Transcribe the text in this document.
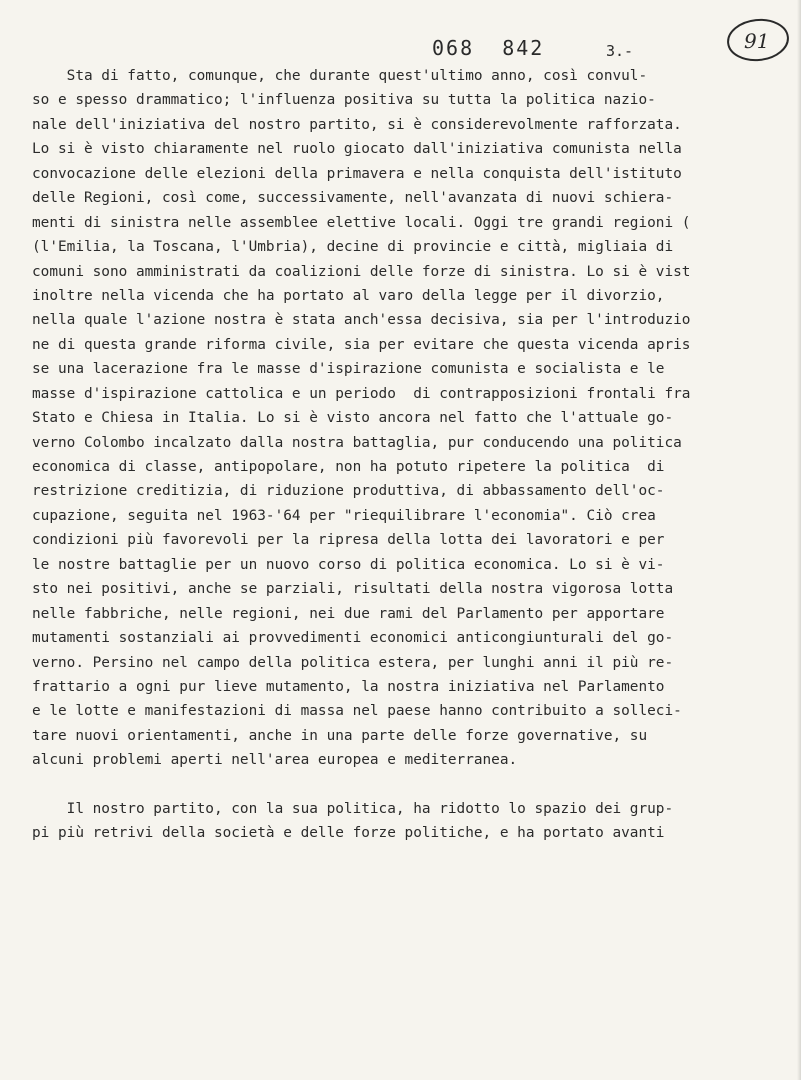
068  842	3.-	91
Sta di fatto, comunque, che durante quest'ultimo anno, così convul-
so e spesso drammatico; l'influenza positiva su tutta la politica nazio-
nale dell'iniziativa del nostro partito, si è considerevolmente rafforzata.
Lo si è visto chiaramente nel ruolo giocato dall'iniziativa comunista nella
convocazione delle elezioni della primavera e nella conquista dell'istituto
delle Regioni, così come, successivamente, nell'avanzata di nuovi schiera-
menti di sinistra nelle assemblee elettive locali. Oggi tre grandi regioni (
(l'Emilia, la Toscana, l'Umbria), decine di provincie e città, migliaia di
comuni sono amministrati da coalizioni delle forze di sinistra. Lo si è vist
inoltre nella vicenda che ha portato al varo della legge per il divorzio,
nella quale l'azione nostra è stata anch'essa decisiva, sia per l'introduzio
ne di questa grande riforma civile, sia per evitare che questa vicenda apris
se una lacerazione fra le masse d'ispirazione comunista e socialista e le
masse d'ispirazione cattolica e un periodo  di contrapposizioni frontali fra
Stato e Chiesa in Italia. Lo si è visto ancora nel fatto che l'attuale go-
verno Colombo incalzato dalla nostra battaglia, pur conducendo una politica
economica di classe, antipopolare, non ha potuto ripetere la politica  di
restrizione creditizia, di riduzione produttiva, di abbassamento dell'oc-
cupazione, seguita nel 1963-'64 per "riequilibrare l'economia". Ciò crea
condizioni più favorevoli per la ripresa della lotta dei lavoratori e per
le nostre battaglie per un nuovo corso di politica economica. Lo si è vi-
sto nei positivi, anche se parziali, risultati della nostra vigorosa lotta
nelle fabbriche, nelle regioni, nei due rami del Parlamento per apportare
mutamenti sostanziali ai provvedimenti economici anticongiunturali del go-
verno. Persino nel campo della politica estera, per lunghi anni il più re-
frattario a ogni pur lieve mutamento, la nostra iniziativa nel Parlamento
e le lotte e manifestazioni di massa nel paese hanno contribuito a solleci-
tare nuovi orientamenti, anche in una parte delle forze governative, su
alcuni problemi aperti nell'area europea e mediterranea.
Il nostro partito, con la sua politica, ha ridotto lo spazio dei grup-
pi più retrivi della società e delle forze politiche, e ha portato avanti
